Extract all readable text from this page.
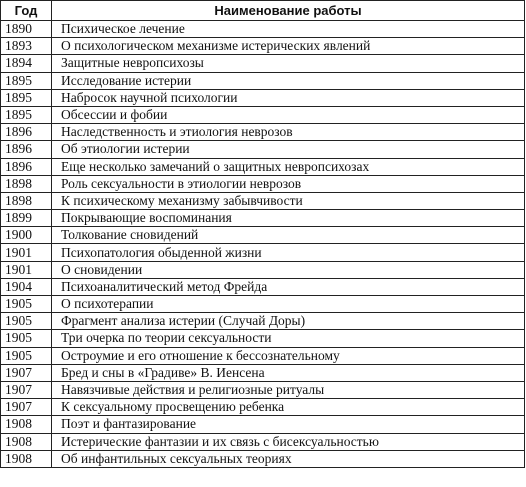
Год	Наименование работы
1890	Психическое лечение
1893	О психологическом механизме истерических явлений
1894	Защитные невропсихозы
1895	Исследование истерии
1895	Набросок научной психологии
1895	Обсессии и фобии
1896	Наследственность и этиология неврозов
1896	Об этиологии истерии
1896	Еще несколько замечаний о защитных невропсихозах
1898	Роль сексуальности в этиологии неврозов
1898	К психическому механизму забывчивости
1899	Покрывающие воспоминания
1900	Толкование сновидений
1901	Психопатология обыденной жизни
1901	О сновидении
1904	Психоаналитический метод Фрейда
1905	О психотерапии
1905	Фрагмент анализа истерии (Случай Доры)
1905	Три очерка по теории сексуальности
1905	Остроумие и его отношение к бессознательному
1907	Бред и сны в «Градиве» В. Иенсена
1907	Навязчивые действия и религиозные ритуалы
1907	К сексуальному просвещению ребенка
1908	Поэт и фантазирование
1908	Истерические фантазии и их связь с бисексуальностью
1908	Об инфантильных сексуальных теориях
